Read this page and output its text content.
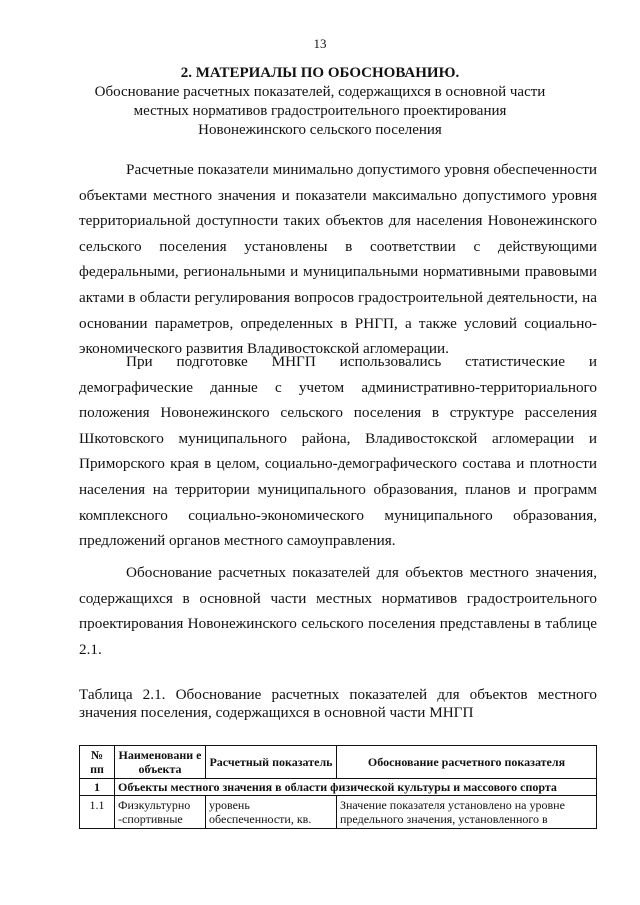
13
2. МАТЕРИАЛЫ ПО ОБОСНОВАНИЮ.
Обоснование расчетных показателей, содержащихся в основной части
местных нормативов градостроительного проектирования
Новонежинского сельского поселения

Расчетные показатели минимально допустимого уровня обеспеченности объектами местного значения и показатели максимально допустимого уровня территориальной доступности таких объектов для населения Новонежинского сельского поселения установлены в соответствии с действующими федеральными, региональными и муниципальными нормативными правовыми актами в области регулирования вопросов градостроительной деятельности, на основании параметров, определенных в РНГП, а также условий социально-экономического развития Владивостокской агломерации.

При подготовке МНГП использовались статистические и демографические данные с учетом административно-территориального положения Новонежинского сельского поселения в структуре расселения Шкотовского муниципального района, Владивостокской агломерации и Приморского края в целом, социально-демографического состава и плотности населения на территории муниципального образования, планов и программ комплексного социально-экономического муниципального образования, предложений органов местного самоуправления.

Обоснование расчетных показателей для объектов местного значения, содержащихся в основной части местных нормативов градостроительного проектирования Новонежинского сельского поселения представлены в таблице 2.1.

Таблица 2.1. Обоснование расчетных показателей для объектов местного значения поселения, содержащихся в основной части МНГП

№ пп	Наименовани е объекта	Расчетный показатель	Обоснование расчетного показателя
1	Объекты местного значения в области физической культуры и массового спорта		
1.1	Физкультурно -спортивные	уровень обеспеченности, кв.	Значение показателя установлено на уровне предельного значения, установленного в
